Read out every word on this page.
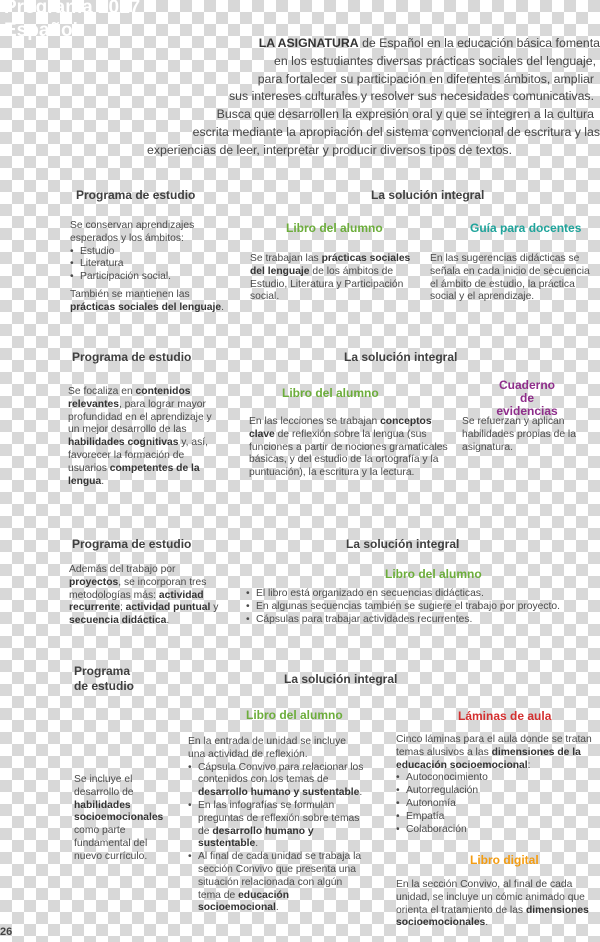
Programa 2017
Español
LA ASIGNATURA de Español en la educación básica fomenta
en los estudiantes diversas prácticas sociales del lenguaje,
para fortalecer su participación en diferentes ámbitos, ampliar
sus intereses culturales y resolver sus necesidades comunicativas.
Busca que desarrollen la expresión oral y que se integren a la cultura
escrita mediante la apropiación del sistema convencional de escritura y las
experiencias de leer, interpretar y producir diversos tipos de textos.
Programa de estudio	La solución integral
Libro del alumno	Guía para docentes

Se conservan aprendizajes esperados y los ámbitos:

• Estudio
• Literatura
• Participación social.

También se mantienen las prácticas sociales del lenguaje.

Se trabajan las prácticas sociales del lenguaje de los ámbitos de Estudio, Literatura y Participación social.

En las sugerencias didácticas se señala en cada inicio de secuencia el ámbito de estudio, la práctica social y el aprendizaje.
Programa de estudio	La solución integral
Libro del alumno
Cuaderno
de evidencias

Se focaliza en contenidos relevantes, para lograr mayor profundidad en el aprendizaje y un mejor desarrollo de las habilidades cognitivas y, así, favorecer la formación de usuarios competentes de la lengua.

En las lecciones se trabajan conceptos clave de reflexión sobre la lengua (sus funciones a partir de nociones gramaticales básicas, y del estudio de la ortografía y la puntuación), la escritura y la lectura.

Se refuerzan y aplican habilidades propias de la asignatura.
Programa de estudio	La solución integral
Libro del alumno

Además del trabajo por proyectos, se incorporan tres metodologías más: actividad recurrente; actividad puntual y secuencia didáctica.

• El libro está organizado en secuencias didácticas.
• En algunas secuencias también se sugiere el trabajo por proyecto.
• Cápsulas para trabajar actividades recurrentes.
Programa
de estudio	La solución integral
Libro del alumno	Láminas de aula
Libro digital

Se incluye el desarrollo de habilidades socioemocionales como parte fundamental del nuevo currículo.

En la entrada de unidad se incluye una actividad de reflexión.

• Cápsula Convivo para relacionar los contenidos con los temas de desarrollo humano y sustentable.
• En las infografías se formulan preguntas de reflexión sobre temas de desarrollo humano y sustentable.
• Al final de cada unidad se trabaja la sección Convivo que presenta una situación relacionada con algún tema de educación socioemocional.

Cinco láminas para el aula donde se tratan temas alusivos a las dimensiones de la educación socioemocional:

• Autoconocimiento
• Autorregulación
• Autonomía
• Empatía
• Colaboración

En la sección Convivo, al final de cada unidad, se incluye un cómic animado que orienta el tratamiento de las dimensiones socioemocionales.

26
